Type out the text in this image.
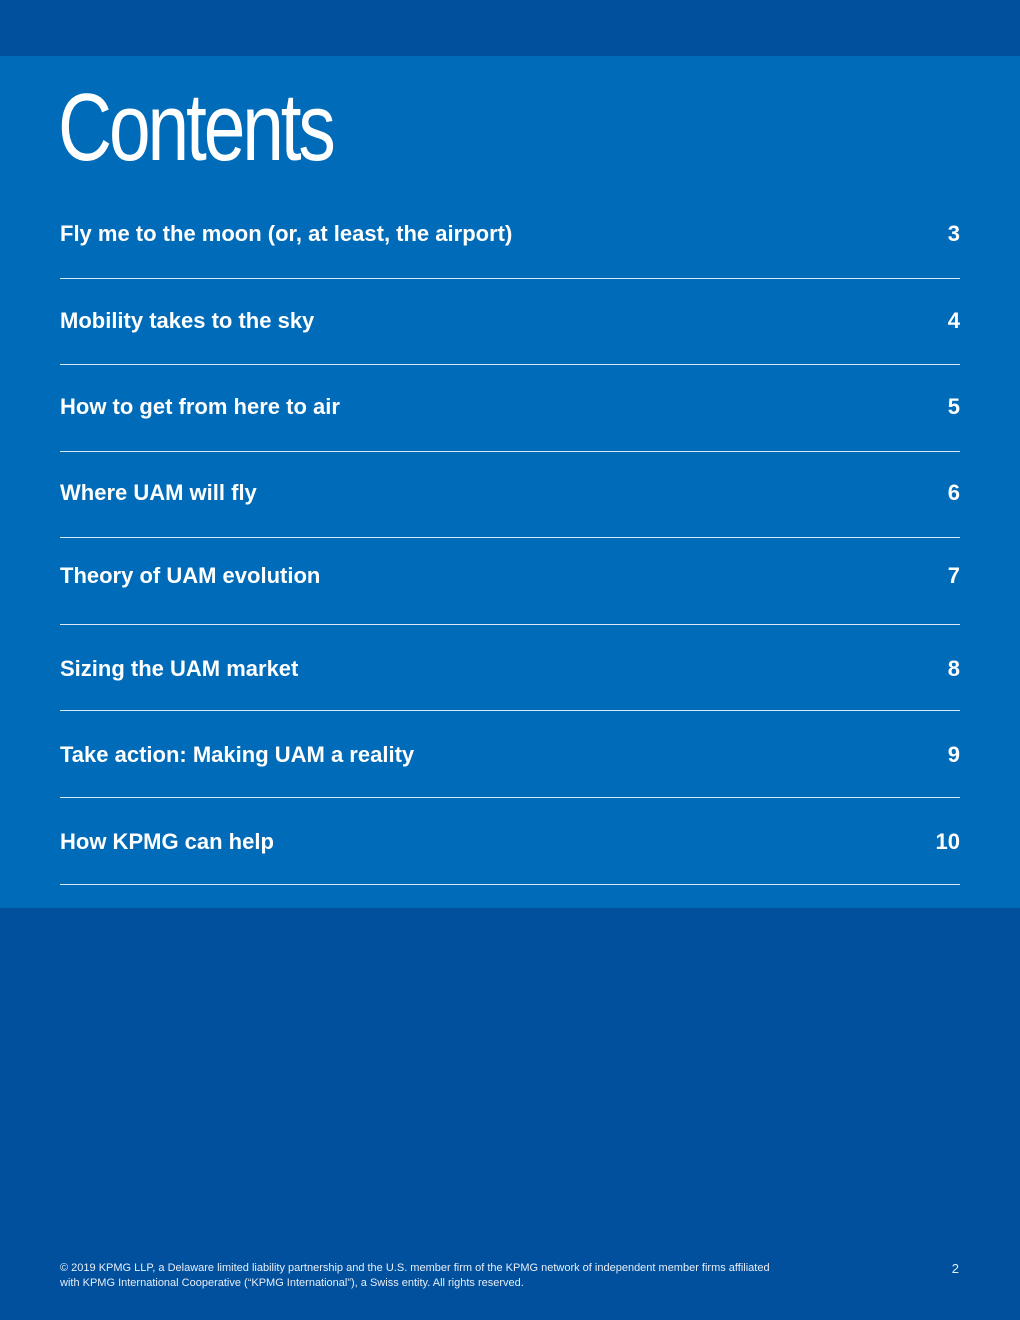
Contents
Fly me to the moon (or, at least, the airport)	3
Mobility takes to the sky	4
How to get from here to air	5
Where UAM will fly	6
Theory of UAM evolution	7
Sizing the UAM market	8
Take action: Making UAM a reality	9
How KPMG can help	10

© 2019 KPMG LLP, a Delaware limited liability partnership and the U.S. member firm of the KPMG network of independent member firms affiliated
with KPMG International Cooperative (“KPMG International”), a Swiss entity. All rights reserved.

2
